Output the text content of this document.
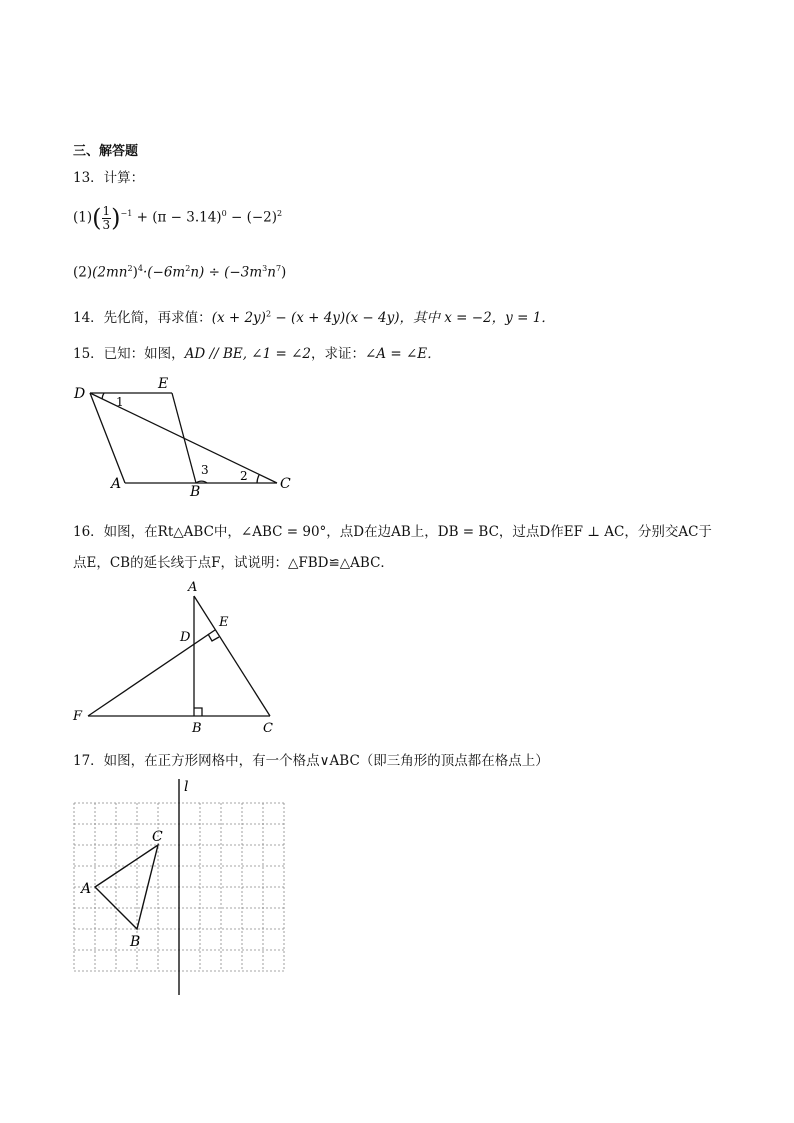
三、解答题
13．计算：
$(1)( \frac{1}{3} )^{-1} + (\pi - 3.14)^0 - (-2)^2$
$(2)(2mn^2)^4\cdot(-6m^2n) \div (-3m^3n^7)$
14．先化简，再求值：$(x + 2y)^2 - (x + 4y)(x - 4y)$，其中 x = −2，y = 1．
15．已知：如图，AD // BE, ∠1 = ∠2，求证：∠A = ∠E．
D
E
A	B	C
1
2
3
16．如图，在Rt△ABC中，∠ABC = 90°，点D在边AB上，DB = BC，过点D作EF ⊥ AC，分别交AC于
点E，CB的延长线于点F，试说明：△FBD≌△ABC．
A
D
E
F
B	C
17．如图，在正方形网格中，有一个格点∨ABC（即三角形的顶点都在格点上）
l
A
B
C
